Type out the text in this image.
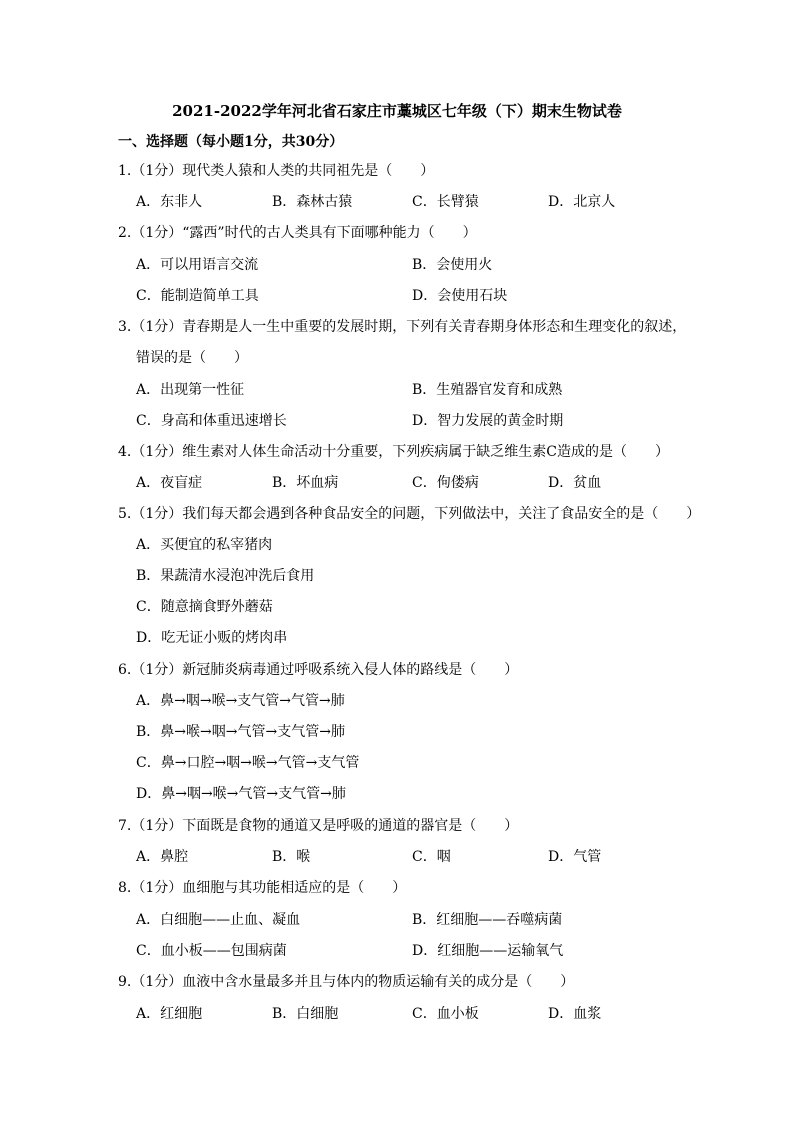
2021-2022学年河北省石家庄市藁城区七年级（下）期末生物试卷
一、选择题（每小题1分，共30分）
1.（1分）现代类人猿和人类的共同祖先是（　　）
A．东非人	B．森林古猿	C．长臂猿	D．北京人
2.（1分）“露西”时代的古人类具有下面哪种能力（　　）
A．可以用语言交流	B．会使用火
C．能制造简单工具	D．会使用石块
3.（1分）青春期是人一生中重要的发展时期，下列有关青春期身体形态和生理变化的叙述，
错误的是（　　）
A．出现第一性征	B．生殖器官发育和成熟
C．身高和体重迅速增长	D．智力发展的黄金时期
4.（1分）维生素对人体生命活动十分重要，下列疾病属于缺乏维生素C造成的是（　　）
A．夜盲症	B．坏血病	C．佝偻病	D．贫血
5.（1分）我们每天都会遇到各种食品安全的问题，下列做法中，关注了食品安全的是（　　）
A．买便宜的私宰猪肉
B．果蔬清水浸泡冲洗后食用
C．随意摘食野外蘑菇
D．吃无证小贩的烤肉串
6.（1分）新冠肺炎病毒通过呼吸系统入侵人体的路线是（　　）
A．鼻→咽→喉→支气管→气管→肺
B．鼻→喉→咽→气管→支气管→肺
C．鼻→口腔→咽→喉→气管→支气管
D．鼻→咽→喉→气管→支气管→肺
7.（1分）下面既是食物的通道又是呼吸的通道的器官是（　　）
A．鼻腔	B．喉	C．咽	D．气管
8.（1分）血细胞与其功能相适应的是（　　）
A．白细胞——止血、凝血	B．红细胞——吞噬病菌
C．血小板——包围病菌	D．红细胞——运输氧气
9.（1分）血液中含水量最多并且与体内的物质运输有关的成分是（　　）
A．红细胞	B．白细胞	C．血小板	D．血浆
